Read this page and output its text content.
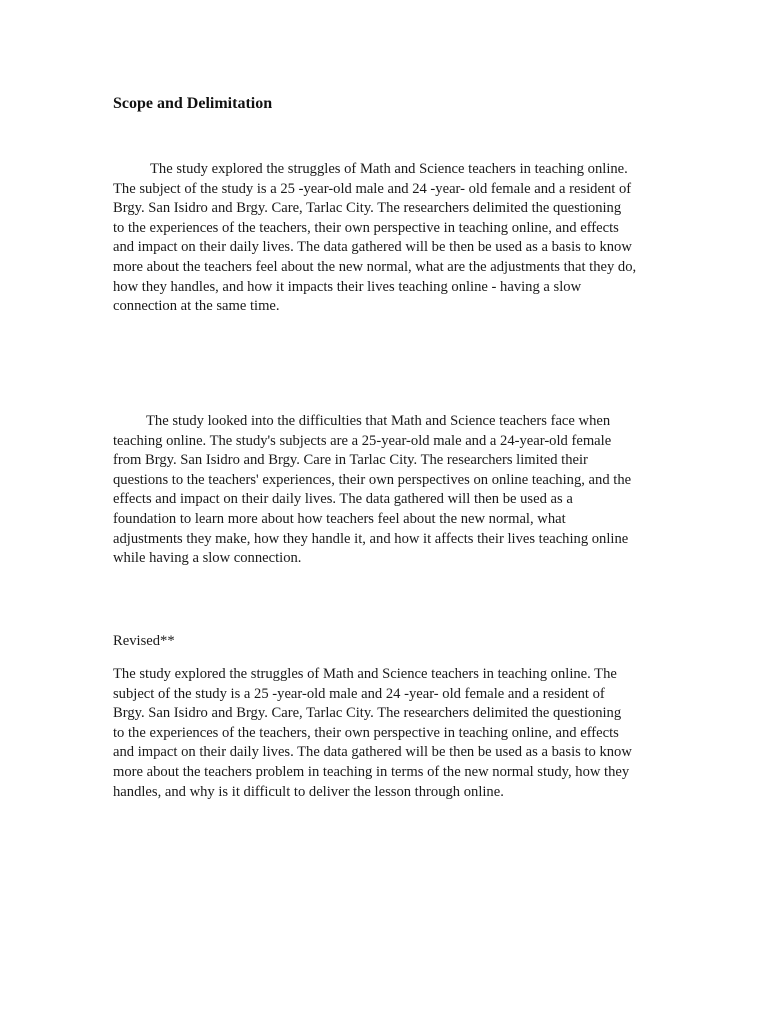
Scope and Delimitation

The study explored the struggles of Math and Science teachers in teaching online.
The subject of the study is a 25 -year-old male and 24 -year- old female and a resident of
Brgy. San Isidro and Brgy. Care, Tarlac City. The researchers delimited the questioning
to the experiences of the teachers, their own perspective in teaching online, and effects
and impact on their daily lives. The data gathered will be then be used as a basis to know
more about the teachers feel about the new normal, what are the adjustments that they do,
how they handles, and how it impacts their lives teaching online - having a slow
connection at the same time.

The study looked into the difficulties that Math and Science teachers face when
teaching online. The study's subjects are a 25-year-old male and a 24-year-old female
from Brgy. San Isidro and Brgy. Care in Tarlac City. The researchers limited their
questions to the teachers' experiences, their own perspectives on online teaching, and the
effects and impact on their daily lives. The data gathered will then be used as a
foundation to learn more about how teachers feel about the new normal, what
adjustments they make, how they handle it, and how it affects their lives teaching online
while having a slow connection.

Revised**

The study explored the struggles of Math and Science teachers in teaching online. The
subject of the study is a 25 -year-old male and 24 -year- old female and a resident of
Brgy. San Isidro and Brgy. Care, Tarlac City. The researchers delimited the questioning
to the experiences of the teachers, their own perspective in teaching online, and effects
and impact on their daily lives. The data gathered will be then be used as a basis to know
more about the teachers problem in teaching in terms of the new normal study, how they
handles, and why is it difficult to deliver the lesson through online.
